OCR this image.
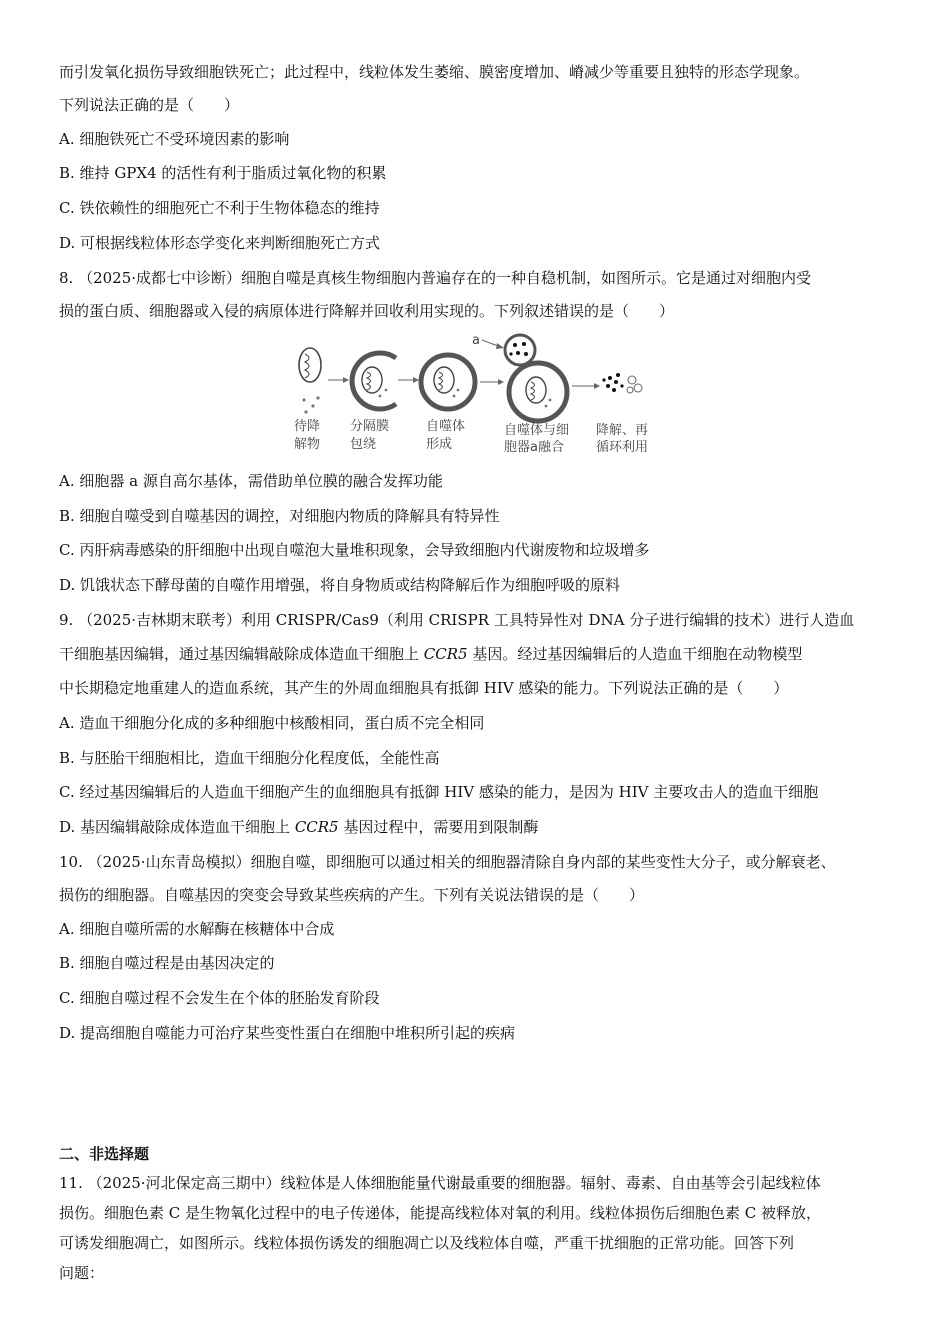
而引发氧化损伤导致细胞铁死亡；此过程中，线粒体发生萎缩、膜密度增加、嵴减少等重要且独特的形态学现象。
下列说法正确的是（　　）
A. 细胞铁死亡不受环境因素的影响
B. 维持 GPX4 的活性有利于脂质过氧化物的积累
C. 铁依赖性的细胞死亡不利于生物体稳态的维持
D. 可根据线粒体形态学变化来判断细胞死亡方式
8. （2025·成都七中诊断）细胞自噬是真核生物细胞内普遍存在的一种自稳机制，如图所示。它是通过对细胞内受
损的蛋白质、细胞器或入侵的病原体进行降解并回收利用实现的。下列叙述错误的是（　　）
a
待降
解物
分隔膜
包绕
自噬体
形成
自噬体与细
胞器a融合
降解、再
循环利用
A. 细胞器 a 源自高尔基体，需借助单位膜的融合发挥功能
B. 细胞自噬受到自噬基因的调控，对细胞内物质的降解具有特异性
C. 丙肝病毒感染的肝细胞中出现自噬泡大量堆积现象，会导致细胞内代谢废物和垃圾增多
D. 饥饿状态下酵母菌的自噬作用增强，将自身物质或结构降解后作为细胞呼吸的原料
9. （2025·吉林期末联考）利用 CRISPR/Cas9（利用 CRISPR 工具特异性对 DNA 分子进行编辑的技术）进行人造血
干细胞基因编辑，通过基因编辑敲除成体造血干细胞上 CCR5 基因。经过基因编辑后的人造血干细胞在动物模型
中长期稳定地重建人的造血系统，其产生的外周血细胞具有抵御 HIV 感染的能力。下列说法正确的是（　　）
A. 造血干细胞分化成的多种细胞中核酸相同，蛋白质不完全相同
B. 与胚胎干细胞相比，造血干细胞分化程度低，全能性高
C. 经过基因编辑后的人造血干细胞产生的血细胞具有抵御 HIV 感染的能力，是因为 HIV 主要攻击人的造血干细胞
D. 基因编辑敲除成体造血干细胞上 CCR5 基因过程中，需要用到限制酶
10. （2025·山东青岛模拟）细胞自噬，即细胞可以通过相关的细胞器清除自身内部的某些变性大分子，或分解衰老、
损伤的细胞器。自噬基因的突变会导致某些疾病的产生。下列有关说法错误的是（　　）
A. 细胞自噬所需的水解酶在核糖体中合成
B. 细胞自噬过程是由基因决定的
C. 细胞自噬过程不会发生在个体的胚胎发育阶段
D. 提高细胞自噬能力可治疗某些变性蛋白在细胞中堆积所引起的疾病
二、非选择题
11. （2025·河北保定高三期中）线粒体是人体细胞能量代谢最重要的细胞器。辐射、毒素、自由基等会引起线粒体
损伤。细胞色素 C 是生物氧化过程中的电子传递体，能提高线粒体对氧的利用。线粒体损伤后细胞色素 C 被释放，
可诱发细胞凋亡，如图所示。线粒体损伤诱发的细胞凋亡以及线粒体自噬，严重干扰细胞的正常功能。回答下列
问题：
